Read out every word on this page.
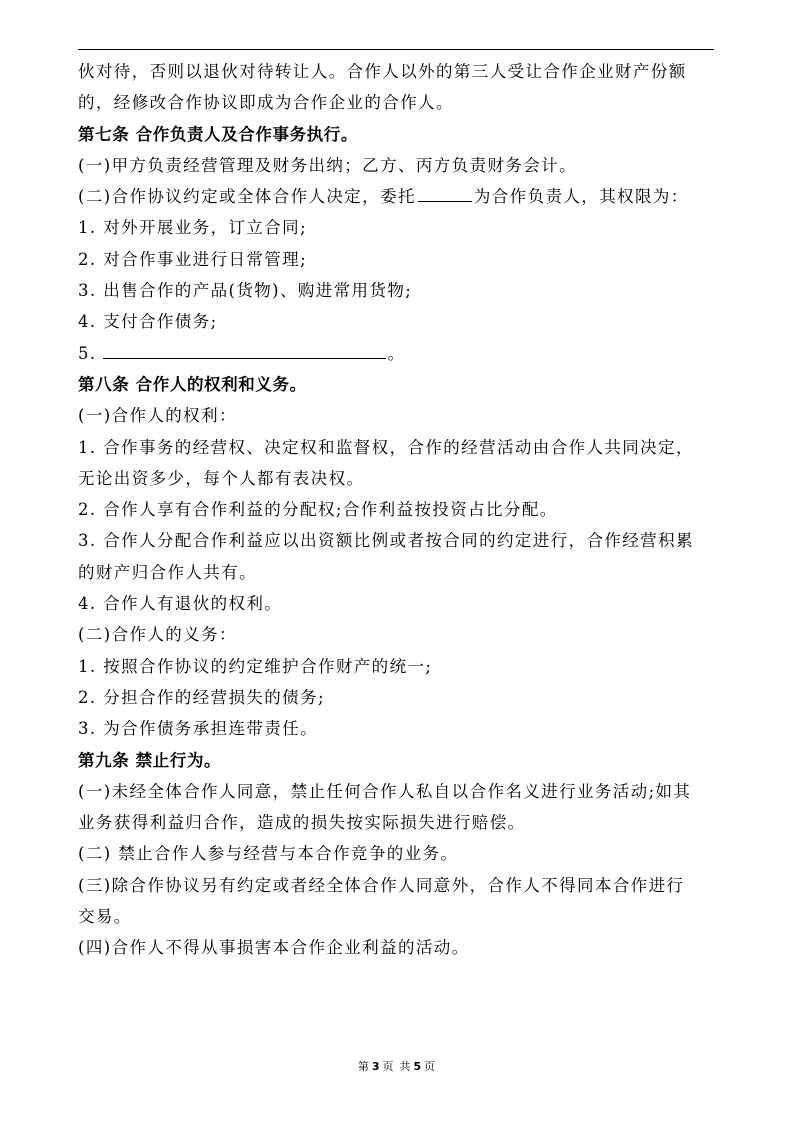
伙对待，否则以退伙对待转让人。合作人以外的第三人受让合作企业财产份额
的，经修改合作协议即成为合作企业的合作人。
第七条 合作负责人及合作事务执行。
(一)甲方负责经营管理及财务出纳；乙方、丙方负责财务会计。
(二)合作协议约定或全体合作人决定，委托	为合作负责人，其权限为：
1. 对外开展业务，订立合同;
2. 对合作事业进行日常管理;
3. 出售合作的产品(货物)、购进常用货物;
4. 支付合作债务;
5.	。
第八条 合作人的权利和义务。
(一)合作人的权利：
1. 合作事务的经营权、决定权和监督权，合作的经营活动由合作人共同决定，
无论出资多少，每个人都有表决权。
2. 合作人享有合作利益的分配权;合作利益按投资占比分配。
3. 合作人分配合作利益应以出资额比例或者按合同的约定进行，合作经营积累
的财产归合作人共有。
4. 合作人有退伙的权利。
(二)合作人的义务：
1. 按照合作协议的约定维护合作财产的统一;
2. 分担合作的经营损失的债务;
3. 为合作债务承担连带责任。
第九条 禁止行为。
(一)未经全体合作人同意，禁止任何合作人私自以合作名义进行业务活动;如其
业务获得利益归合作，造成的损失按实际损失进行赔偿。
(二) 禁止合作人参与经营与本合作竞争的业务。
(三)除合作协议另有约定或者经全体合作人同意外，合作人不得同本合作进行
交易。
(四)合作人不得从事损害本合作企业利益的活动。
第 3 页 共 5 页
